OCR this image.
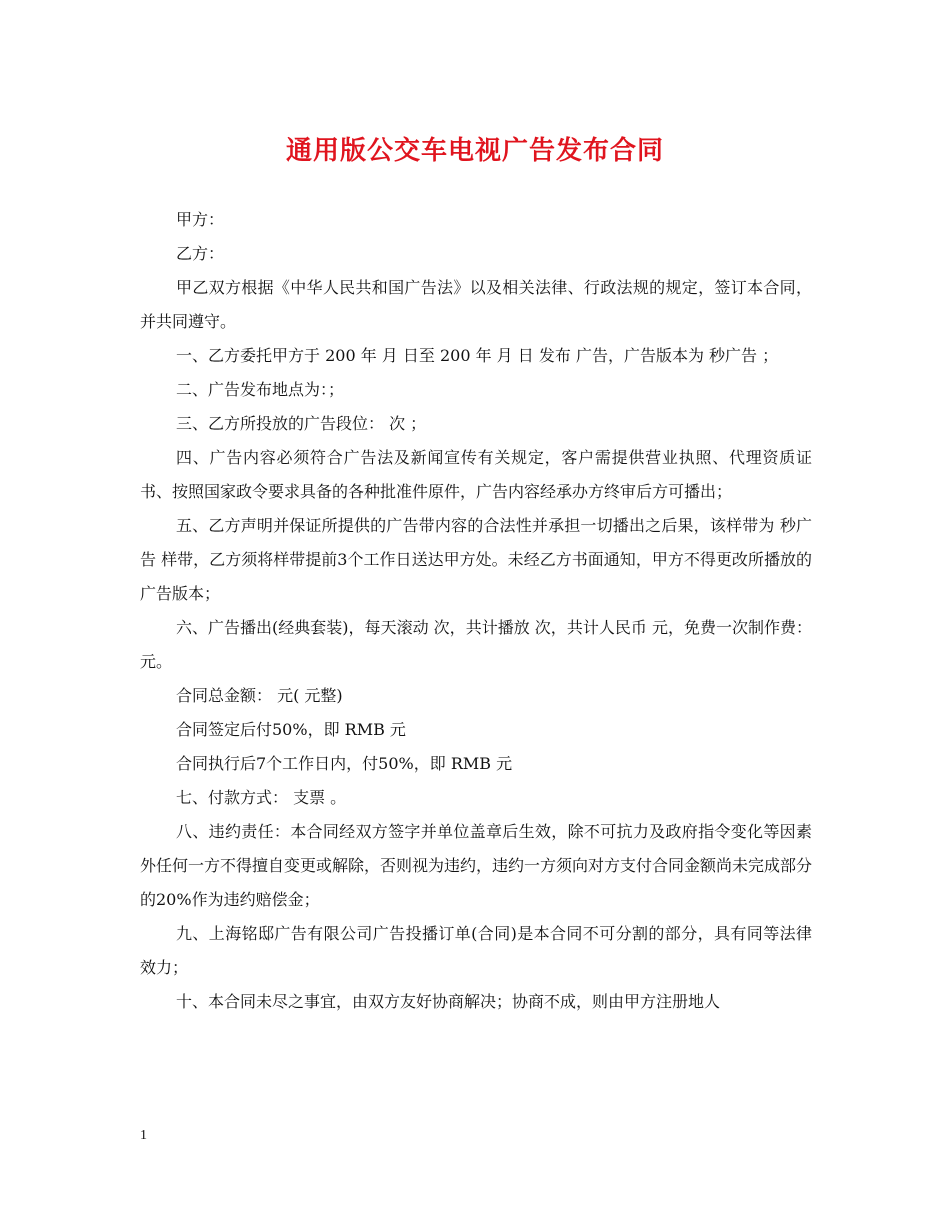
通用版公交车电视广告发布合同

甲方：

乙方：

甲乙双方根据《中华人民共和国广告法》以及相关法律、行政法规的规定，签订本合同，并共同遵守。

一、乙方委托甲方于 200 年 月 日至 200 年 月 日 发布 广告，广告版本为 秒广告 ；

二、广告发布地点为：；

三、乙方所投放的广告段位： 次 ；

四、广告内容必须符合广告法及新闻宣传有关规定，客户需提供营业执照、代理资质证书、按照国家政令要求具备的各种批准件原件，广告内容经承办方终审后方可播出；

五、乙方声明并保证所提供的广告带内容的合法性并承担一切播出之后果，该样带为 秒广告 样带，乙方须将样带提前3个工作日送达甲方处。未经乙方书面通知，甲方不得更改所播放的广告版本；

六、广告播出(经典套装)，每天滚动 次，共计播放 次，共计人民币 元，免费一次制作费： 元。

合同总金额： 元( 元整)

合同签定后付50%，即 RMB 元

合同执行后7个工作日内，付50%，即 RMB 元

七、付款方式： 支票 。

八、违约责任：本合同经双方签字并单位盖章后生效，除不可抗力及政府指令变化等因素外任何一方不得擅自变更或解除，否则视为违约，违约一方须向对方支付合同金额尚未完成部分的20%作为违约赔偿金；

九、上海铭邸广告有限公司广告投播订单(合同)是本合同不可分割的部分，具有同等法律效力；

十、本合同未尽之事宜，由双方友好协商解决；协商不成，则由甲方注册地人

1
